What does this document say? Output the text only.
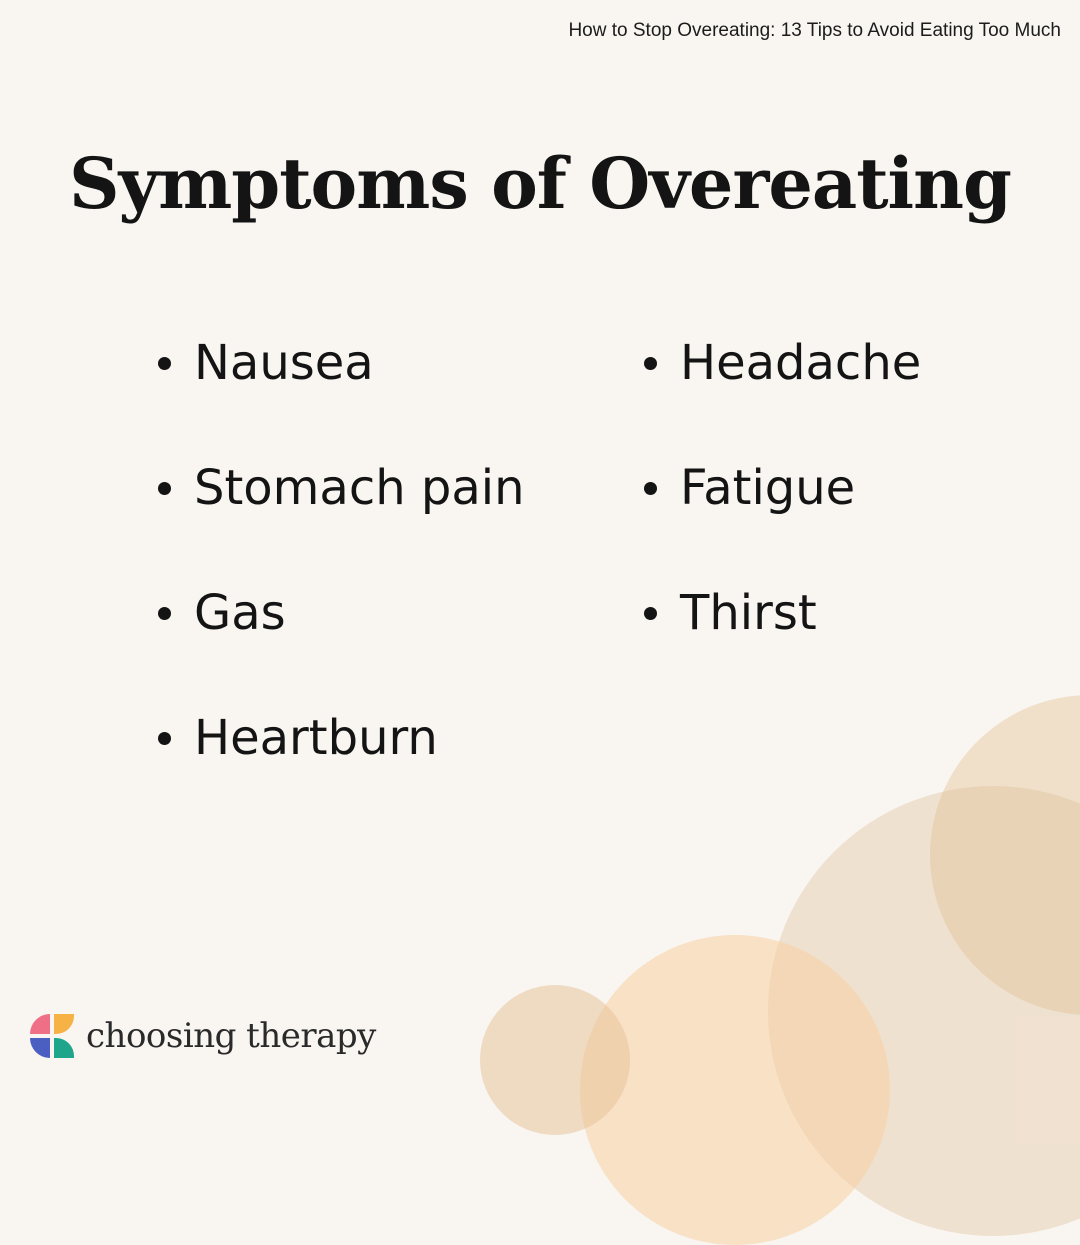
How to Stop Overeating: 13 Tips to Avoid Eating Too Much
Symptoms of Overeating
Nausea
Stomach pain
Gas
Heartburn
Headache
Fatigue
Thirst
choosing therapy
